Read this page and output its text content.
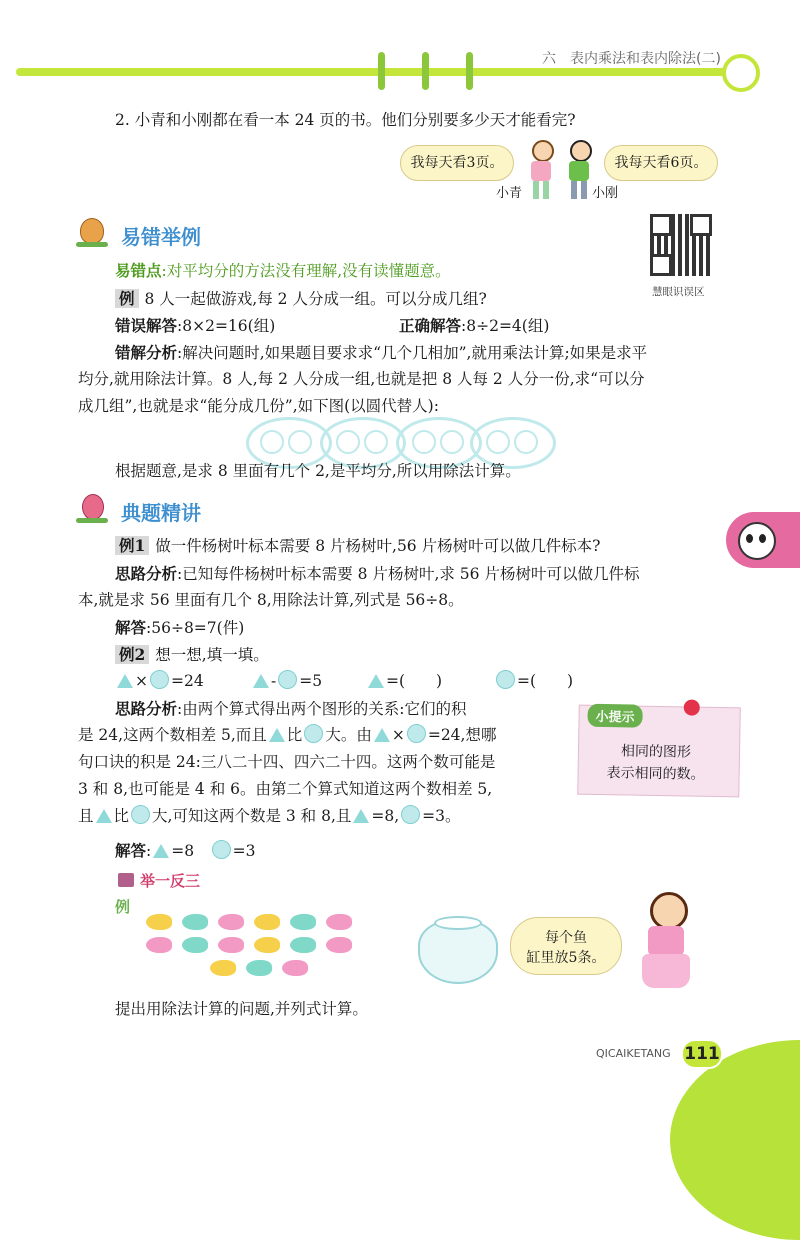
六　表内乘法和表内除法(二)
2. 小青和小刚都在看一本 24 页的书。他们分别要多少天才能看完?
我每天看3页。	我每天看6页。
小青	小刚
慧眼识误区
易错举例
易错点:对平均分的方法没有理解,没有读懂题意。
例 8 人一起做游戏,每 2 人分成一组。可以分成几组?
错误解答:8×2=16(组)	正确解答:8÷2=4(组)
错解分析:解决问题时,如果题目要求求“几个几相加”,就用乘法计算;如果是求平
均分,就用除法计算。8 人,每 2 人分成一组,也就是把 8 人每 2 人分一份,求“可以分
成几组”,也就是求“能分成几份”,如下图(以圆代替人):
根据题意,是求 8 里面有几个 2,是平均分,所以用除法计算。
典题精讲
例1 做一件杨树叶标本需要 8 片杨树叶,56 片杨树叶可以做几件标本?
思路分析:已知每件杨树叶标本需要 8 片杨树叶,求 56 片杨树叶可以做几件标
本,就是求 56 里面有几个 8,用除法计算,列式是 56÷8。
解答:56÷8=7(件)
例2 想一想,填一填。
× =24	- =5	=(　　)	=(　　)
思路分析:由两个算式得出两个图形的关系:它们的积
是 24,这两个数相差 5,而且 比 大。由 × =24,想哪
句口诀的积是 24:三八二十四、四六二十四。这两个数可能是
3 和 8,也可能是 4 和 6。由第二个算式知道这两个数相差 5,
且 比 大,可知这两个数是 3 和 8,且 =8, =3。
解答: =8　=3
小提示
相同的图形
表示相同的数。
举一反三
例
每个鱼
缸里放5条。
提出用除法计算的问题,并列式计算。
QICAIKETANG 111
